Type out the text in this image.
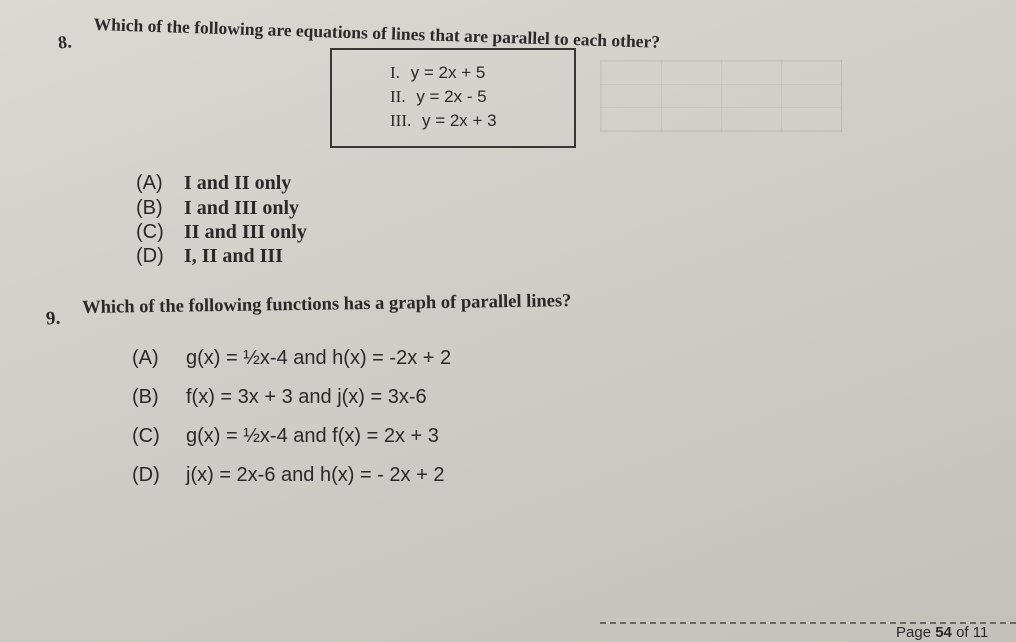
8. Which of the following are equations of lines that are parallel to each other?
I. y = 2x + 5
II. y = 2x - 5
III. y = 2x + 3
(A) I and II only
(B) I and III only
(C) II and III only
(D) I, II and III
9.
Which of the following functions has a graph of parallel lines?
(A) g(x) = ½x-4 and h(x) = -2x + 2
(B) f(x) = 3x + 3 and j(x) = 3x-6
(C) g(x) = ½x-4 and f(x) = 2x + 3
(D) j(x) = 2x-6 and h(x) = - 2x + 2
Page 54 of 11
